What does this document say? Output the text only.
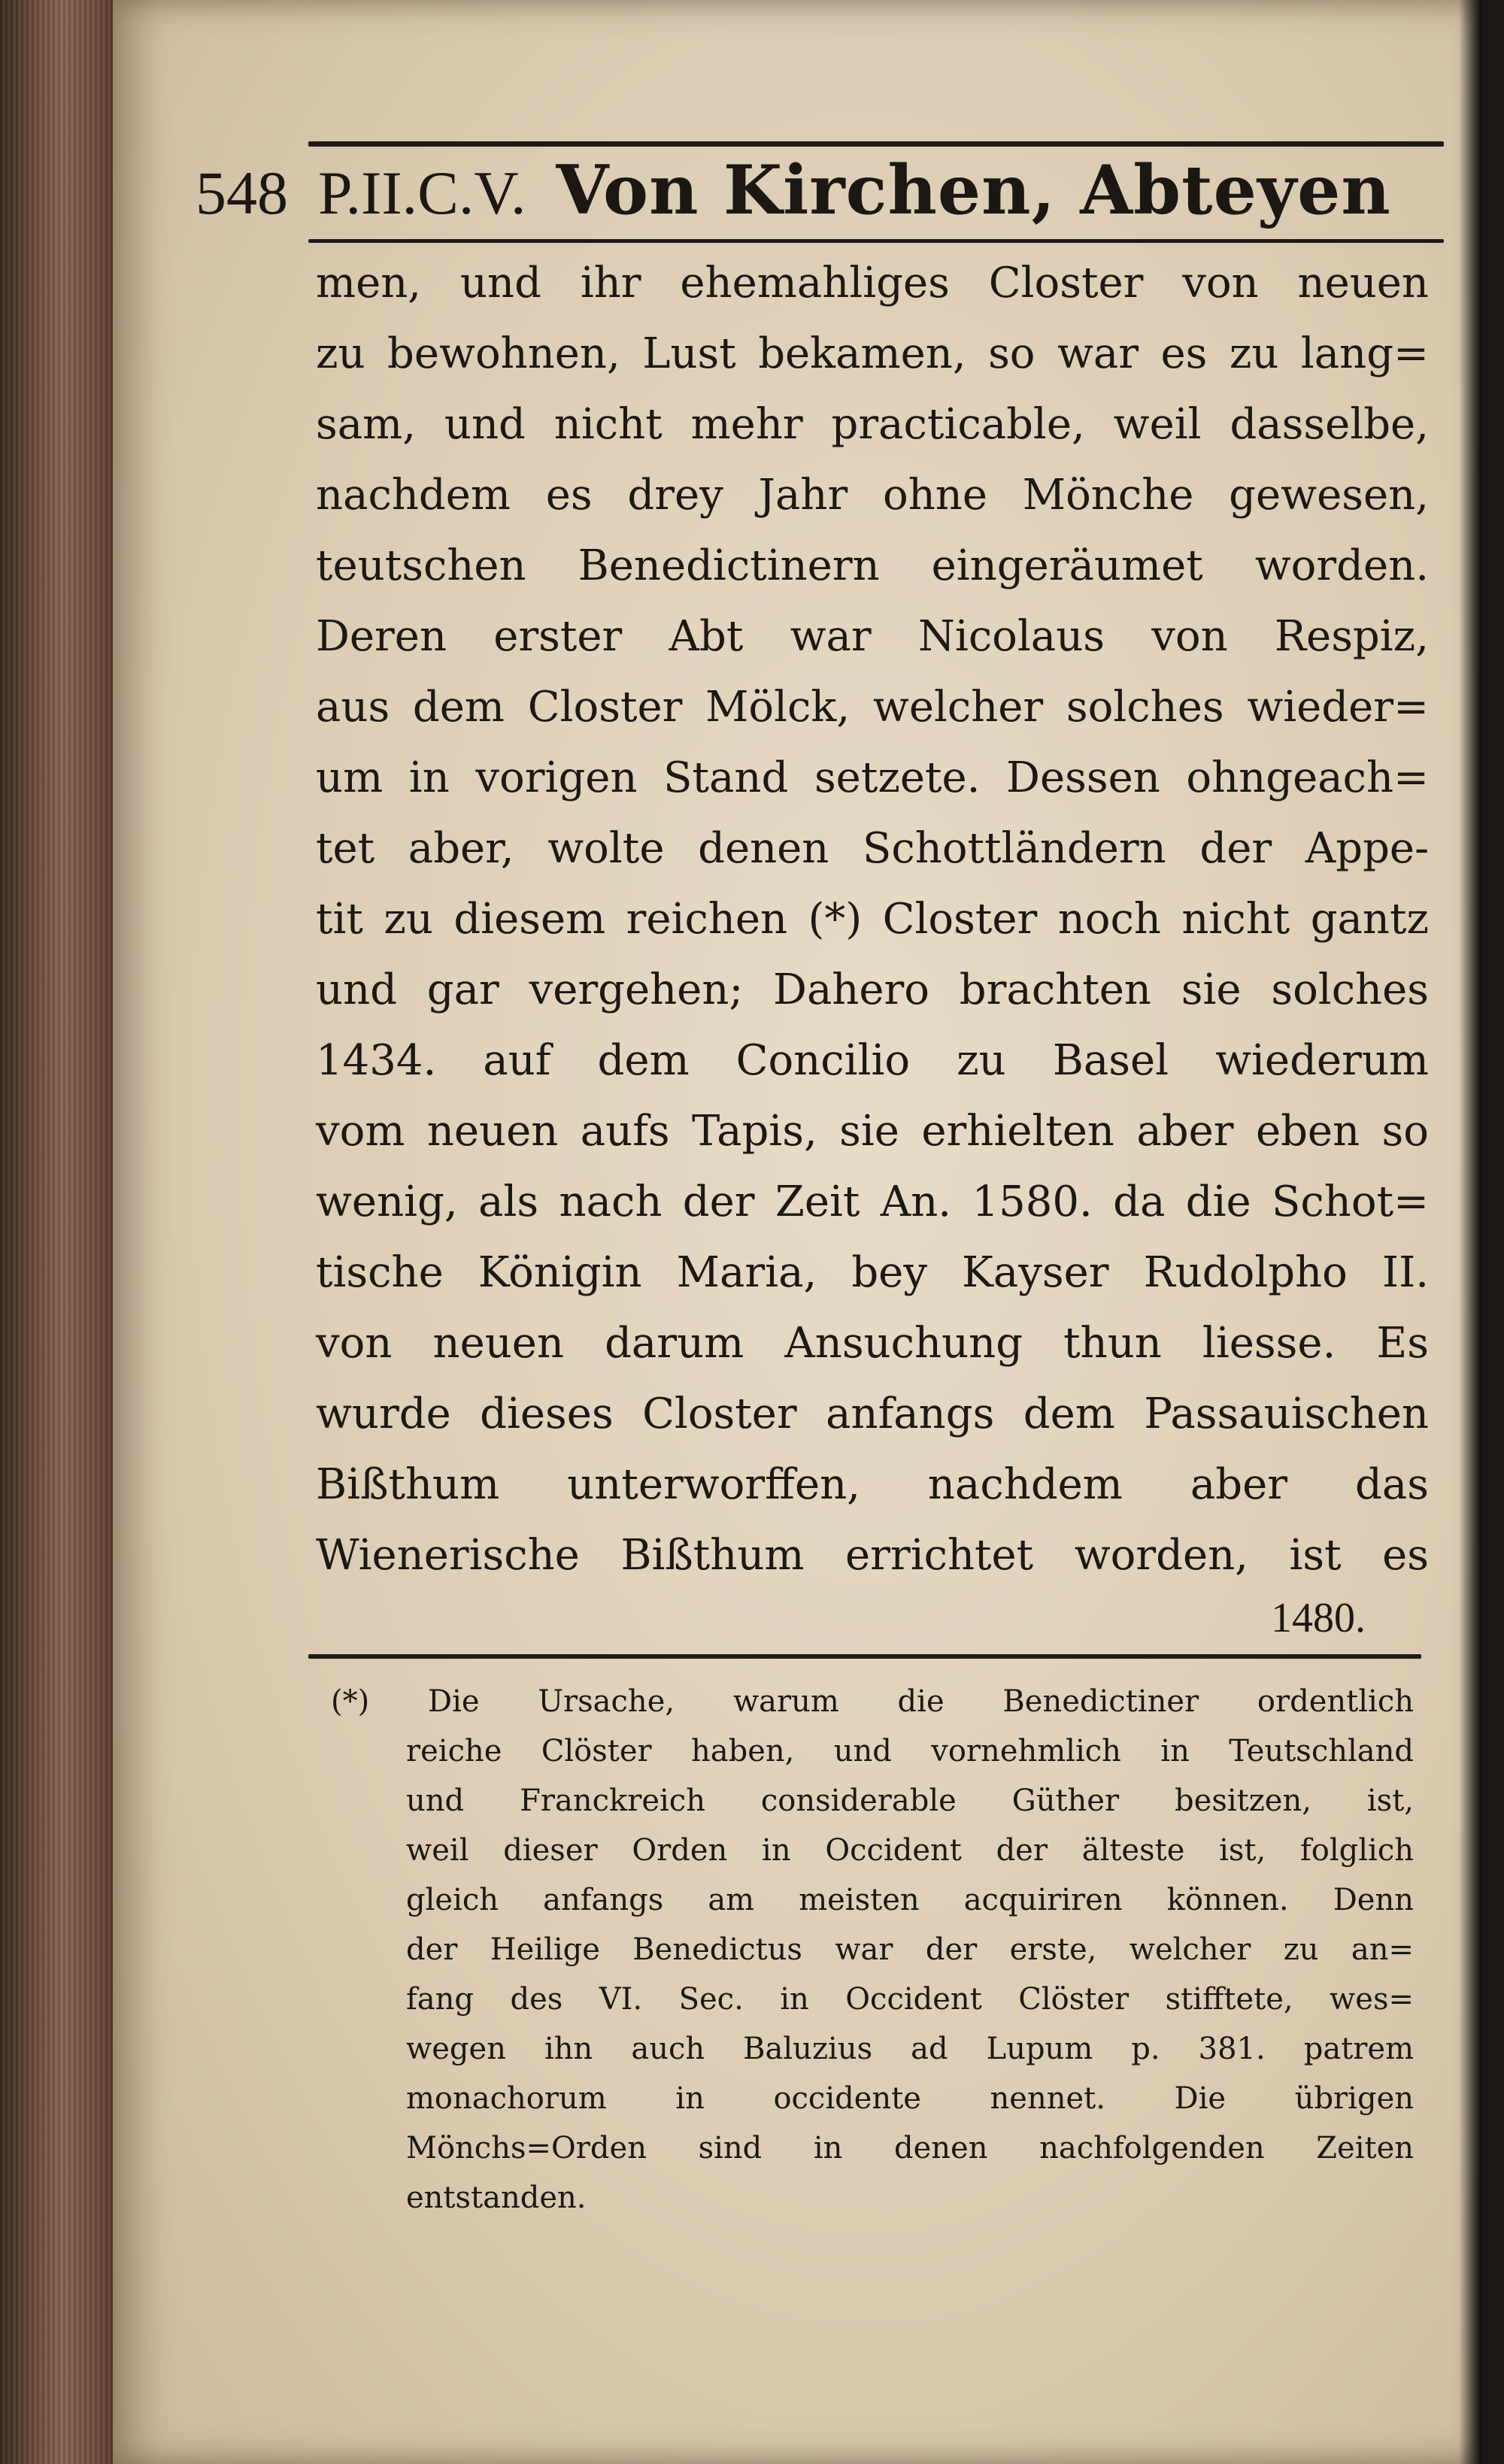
548 P.II.C.V. Von Kirchen, Abteyen
men, und ihr ehemahliges Closter von neuen
zu bewohnen, Lust bekamen, so war es zu lang=
sam, und nicht mehr practicable, weil dasselbe,
nachdem es drey Jahr ohne Mönche gewesen,
teutschen Benedictinern eingeräumet worden.
Deren erster Abt war Nicolaus von Respiz,
aus dem Closter Mölck, welcher solches wieder=
um in vorigen Stand setzete. Dessen ohngeach=
tet aber, wolte denen Schottländern der Appe-
tit zu diesem reichen (*) Closter noch nicht gantz
und gar vergehen; Dahero brachten sie solches
1434. auf dem Concilio zu Basel wiederum
vom neuen aufs Tapis, sie erhielten aber eben so
wenig, als nach der Zeit An. 1580. da die Schot=
tische Königin Maria, bey Kayser Rudolpho II.
von neuen darum Ansuchung thun liesse. Es
wurde dieses Closter anfangs dem Passauischen
Bißthum unterworffen, nachdem aber das
Wienerische Bißthum errichtet worden, ist es
1480.
(*) Die Ursache, warum die Benedictiner ordentlich
reiche Clöster haben, und vornehmlich in Teutschland
und Franckreich considerable Güther besitzen, ist,
weil dieser Orden in Occident der älteste ist, folglich
gleich anfangs am meisten acquiriren können. Denn
der Heilige Benedictus war der erste, welcher zu an=
fang des VI. Sec. in Occident Clöster stifftete, wes=
wegen ihn auch Baluzius ad Lupum p. 381. patrem
monachorum in occidente nennet. Die übrigen
Mönchs=Orden sind in denen nachfolgenden Zeiten
entstanden.
